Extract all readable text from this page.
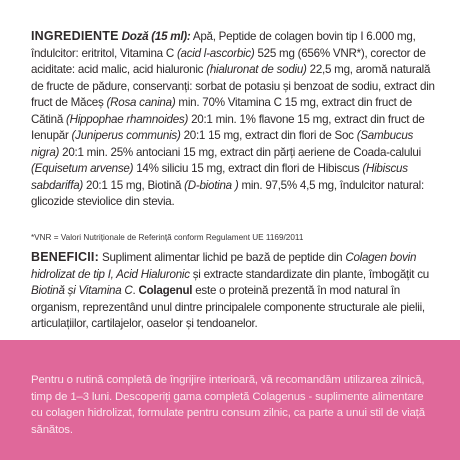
INGREDIENTE Doză (15 ml): Apă, Peptide de colagen bovin tip I 6.000 mg, îndulcitor: eritritol, Vitamina C (acid l-ascorbic) 525 mg (656% VNR*), corector de aciditate: acid malic, acid hialuronic (hialuronat de sodiu) 22,5 mg, aromă naturală de fructe de pădure, conservanți: sorbat de potasiu și benzoat de sodiu, extract din fruct de Măceș (Rosa canina) min. 70% Vitamina C 15 mg, extract din fruct de Cătină (Hippophae rhamnoides) 20:1 min. 1% flavone 15 mg, extract din fruct de Ienupăr (Juniperus communis) 20:1 15 mg, extract din flori de Soc (Sambucus nigra) 20:1 min. 25% antociani 15 mg, extract din părți aeriene de Coada-calului (Equisetum arvense) 14% siliciu 15 mg, extract din flori de Hibiscus (Hibiscus sabdariffa) 20:1 15 mg, Biotină (D-biotina ) min. 97,5% 4,5 mg, îndulcitor natural: glicozide steviolice din stevia.
*VNR = Valori Nutriționale de Referință conform Regulament UE 1169/2011
BENEFICII: Supliment alimentar lichid pe bază de peptide din Colagen bovin hidrolizat de tip I, Acid Hialuronic și extracte standardizate din plante, îmbogățit cu Biotină și Vitamina C. Colagenul este o proteină prezentă în mod natural în organism, reprezentând unul dintre principalele componente structurale ale pielii, articulațiilor, cartilajelor, oaselor și tendoanelor.
Pentru o rutină completă de îngrijire interioară, vă recomandăm utilizarea zilnică, timp de 1–3 luni. Descoperiți gama completă Colagenus - suplimente alimentare cu colagen hidrolizat, formulate pentru consum zilnic, ca parte a unui stil de viață sănătos.
